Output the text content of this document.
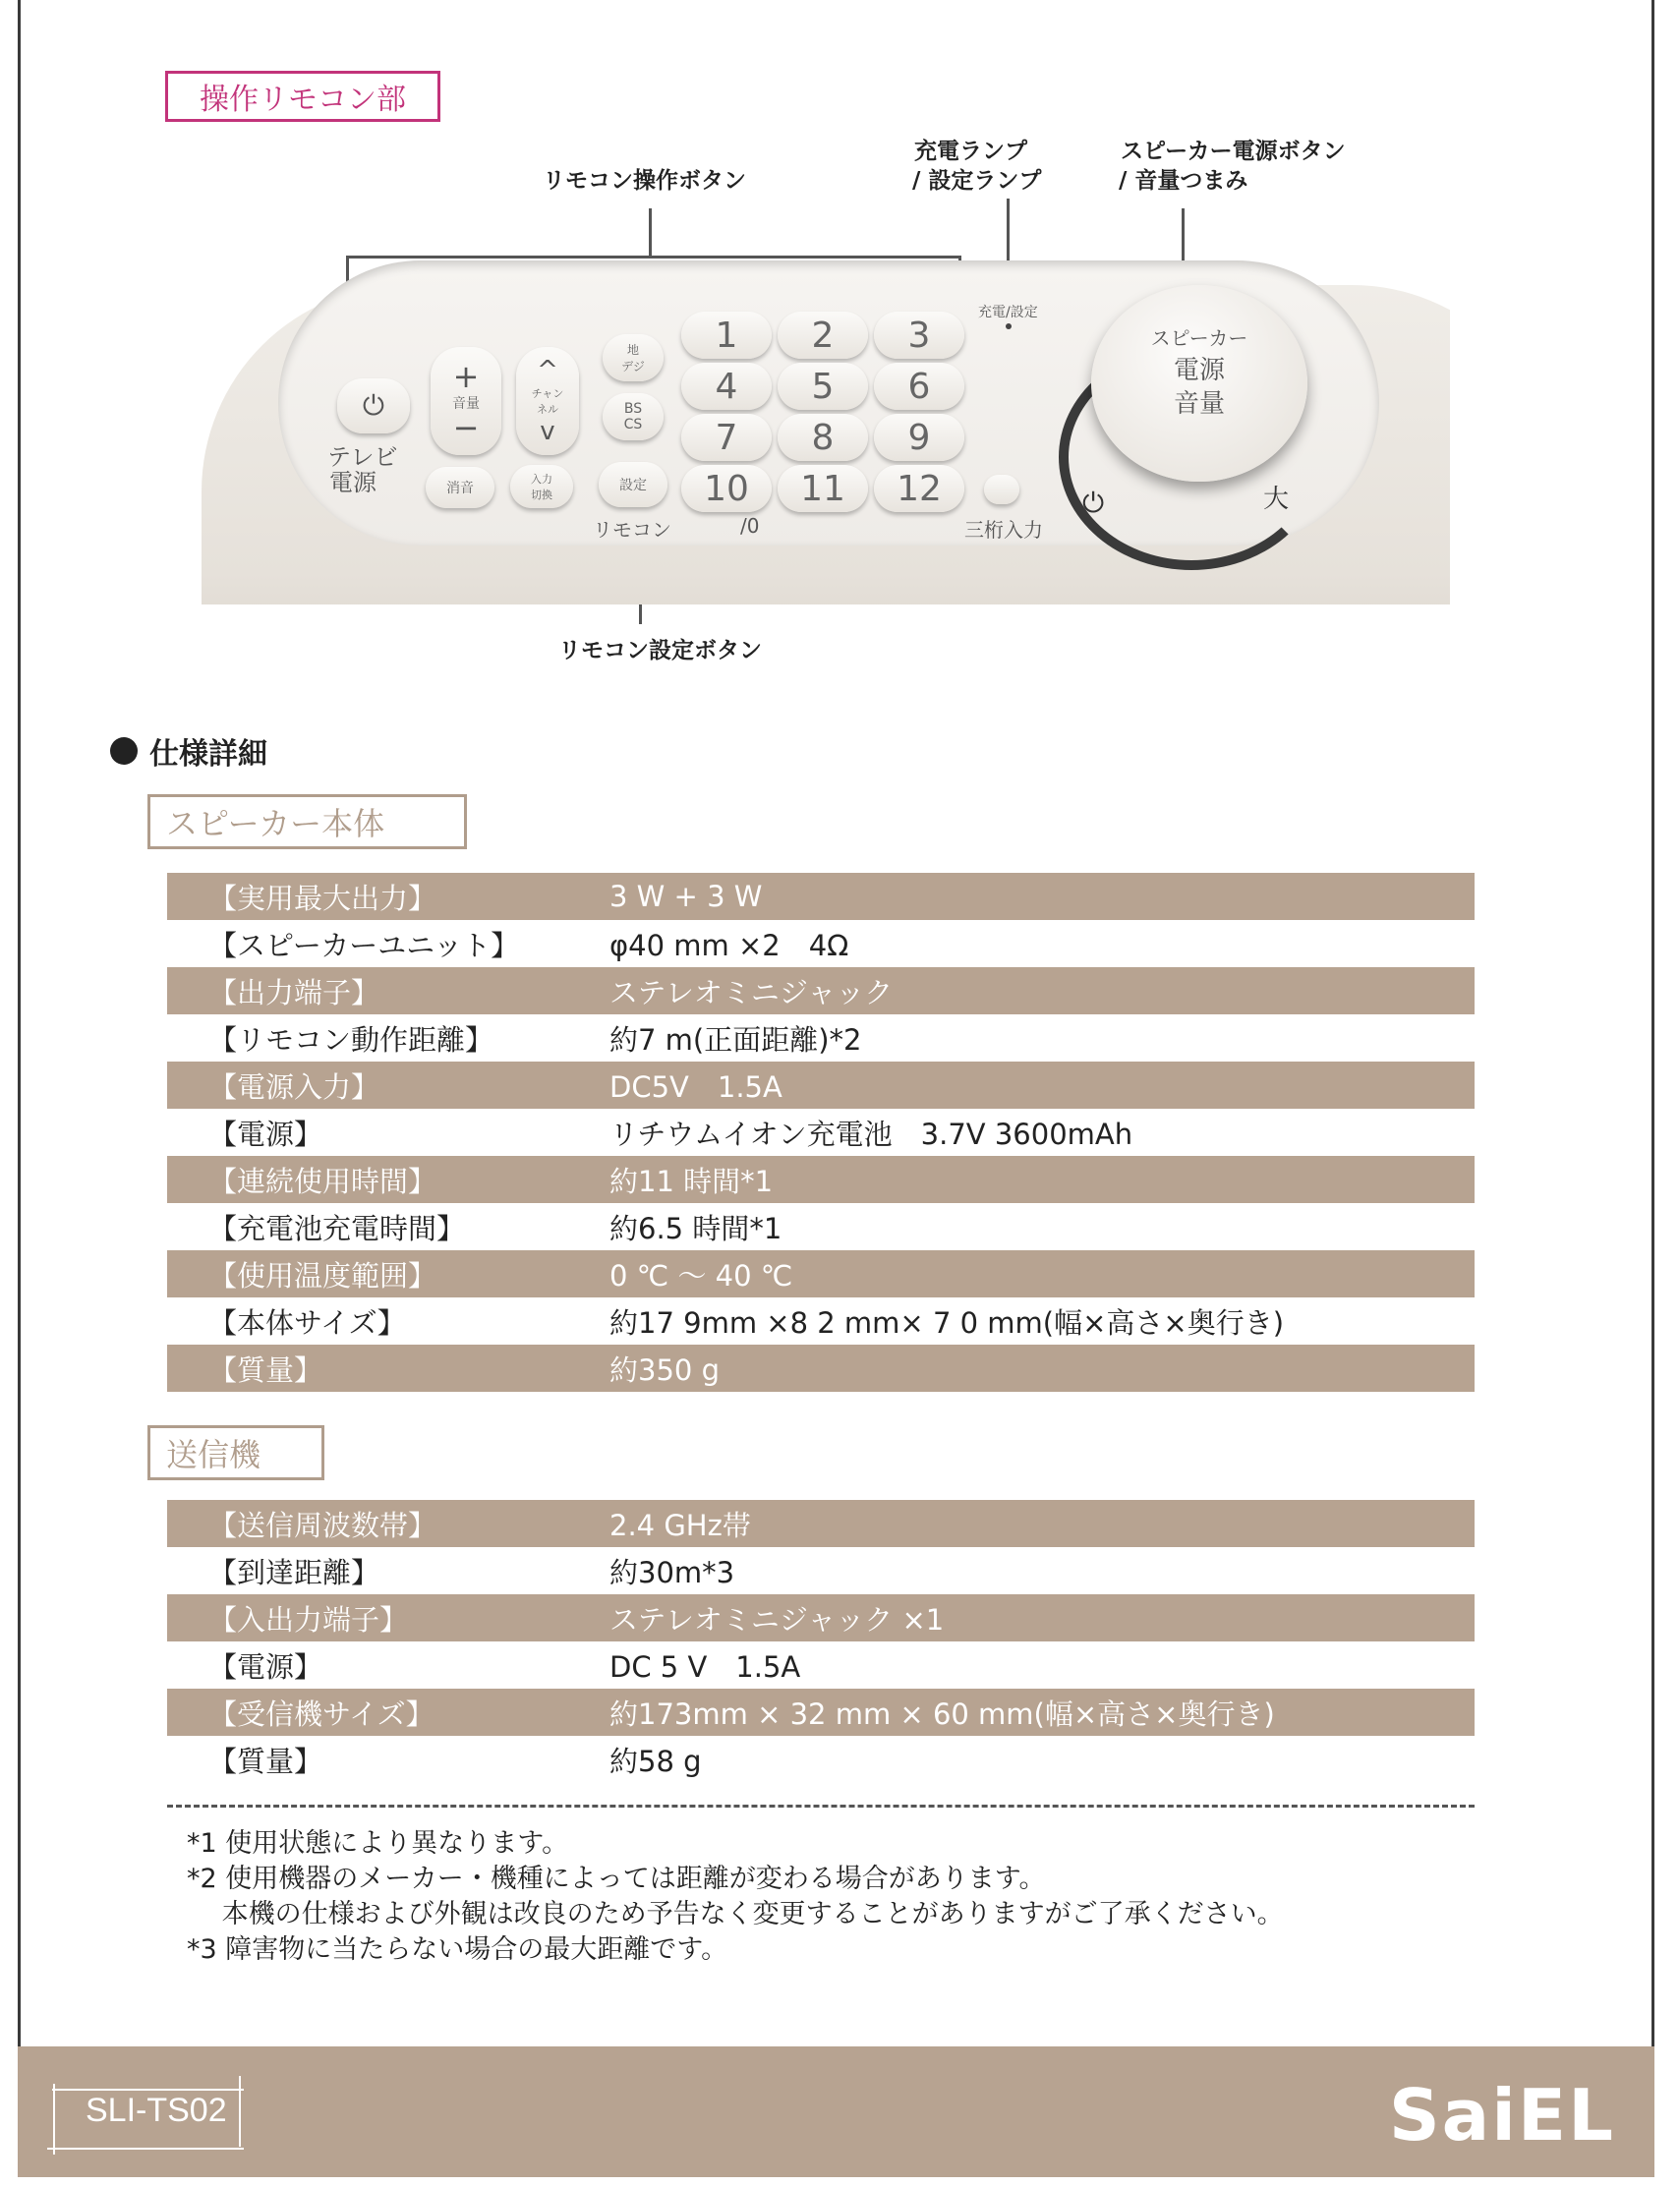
操作リモコン部
リモコン操作ボタン
充電ランプ
/ 設定ランプ
スピーカー電源ボタン
/ 音量つまみ
リモコン設定ボタン
⏻
テレビ
電源
+
音量
−
^
チャン
ネル
v
消音
入力
切換
地
デジ
BS
CS
設定
リモコン	/0
1	2	3
4	5	6
7	8	9
10	11	12
三桁入力
充電/設定
⏻	大
スピーカー
電源
音量
仕様詳細
スピーカー本体
【実用最大出力】	3 W + 3 W
【スピーカーユニット】	φ40 mm ×2　4Ω
【出力端子】	ステレオミニジャック
【リモコン動作距離】	約7 m(正面距離)*2
【電源入力】	DC5V　1.5A
【電源】	リチウムイオン充電池　3.7V 3600mAh
【連続使用時間】	約11 時間*1
【充電池充電時間】	約6.5 時間*1
【使用温度範囲】	0 ℃ 〜 40 ℃
【本体サイズ】	約17 9mm ×8 2 mm× 7 0 mm(幅×高さ×奥行き)
【質量】	約350 g
送信機
【送信周波数帯】	2.4 GHz帯
【到達距離】	約30m*3
【入出力端子】	ステレオミニジャック ×1
【電源】	DC 5 V　1.5A
【受信機サイズ】	約173mm × 32 mm × 60 mm(幅×高さ×奥行き)
【質量】	約58 g

*1 使用状態により異なります。

*2 使用機器のメーカー・機種によっては距離が変わる場合があります。

　 本機の仕様および外観は改良のため予告なく変更することがありますがご了承ください。

*3 障害物に当たらない場合の最大距離です。

SLI-TS02	SaiEL
